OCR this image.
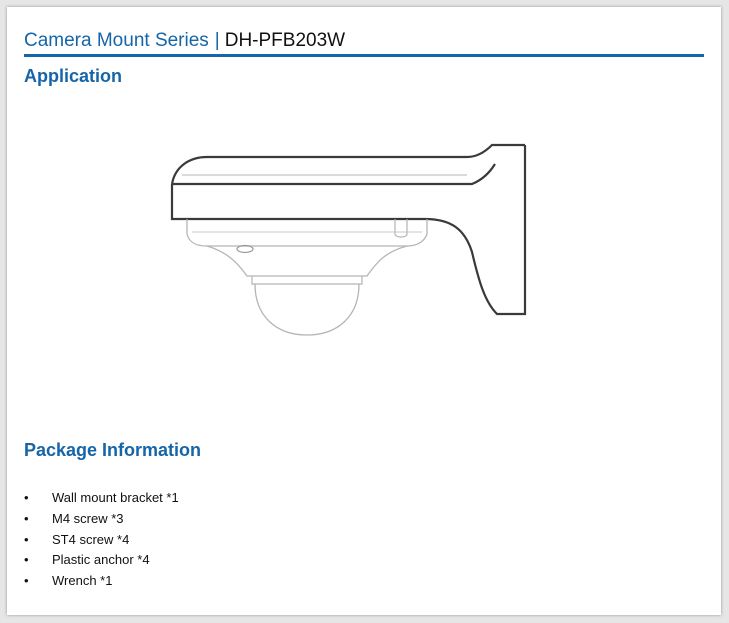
Camera Mount Series | DH-PFB203W
Application
Package Information
•Wall mount bracket *1
•M4 screw *3
•ST4 screw *4
•Plastic anchor *4
•Wrench *1
